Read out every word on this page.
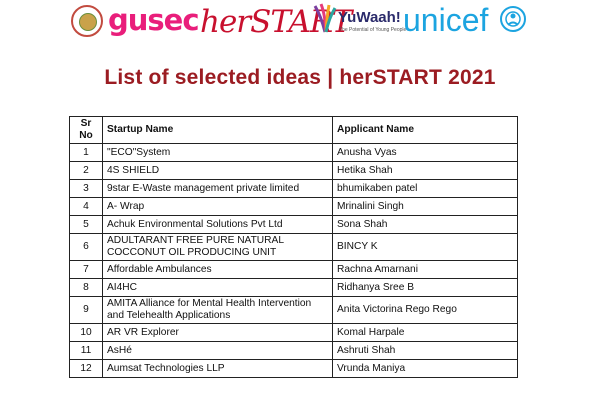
gusec herSTART
YuWaah!
The Potential of Young People
unicef
List of selected ideas | herSTART 2021
Sr No	Startup Name	Applicant Name
1	"ECO"System	Anusha Vyas
2	4S SHIELD	Hetika Shah
3	9star E-Waste management private limited	bhumikaben patel
4	A- Wrap	Mrinalini Singh
5	Achuk Environmental Solutions Pvt Ltd	Sona Shah
6	ADULTARANT FREE PURE NATURAL COCCONUT OIL PRODUCING UNIT	BINCY K
7	Affordable Ambulances	Rachna Amarnani
8	AI4HC	Ridhanya Sree B
9	AMITA Alliance for Mental Health Intervention and Telehealth Applications	Anita Victorina Rego Rego
10	AR VR Explorer	Komal Harpale
11	AsHé	Ashruti Shah
12	Aumsat Technologies LLP	Vrunda Maniya
